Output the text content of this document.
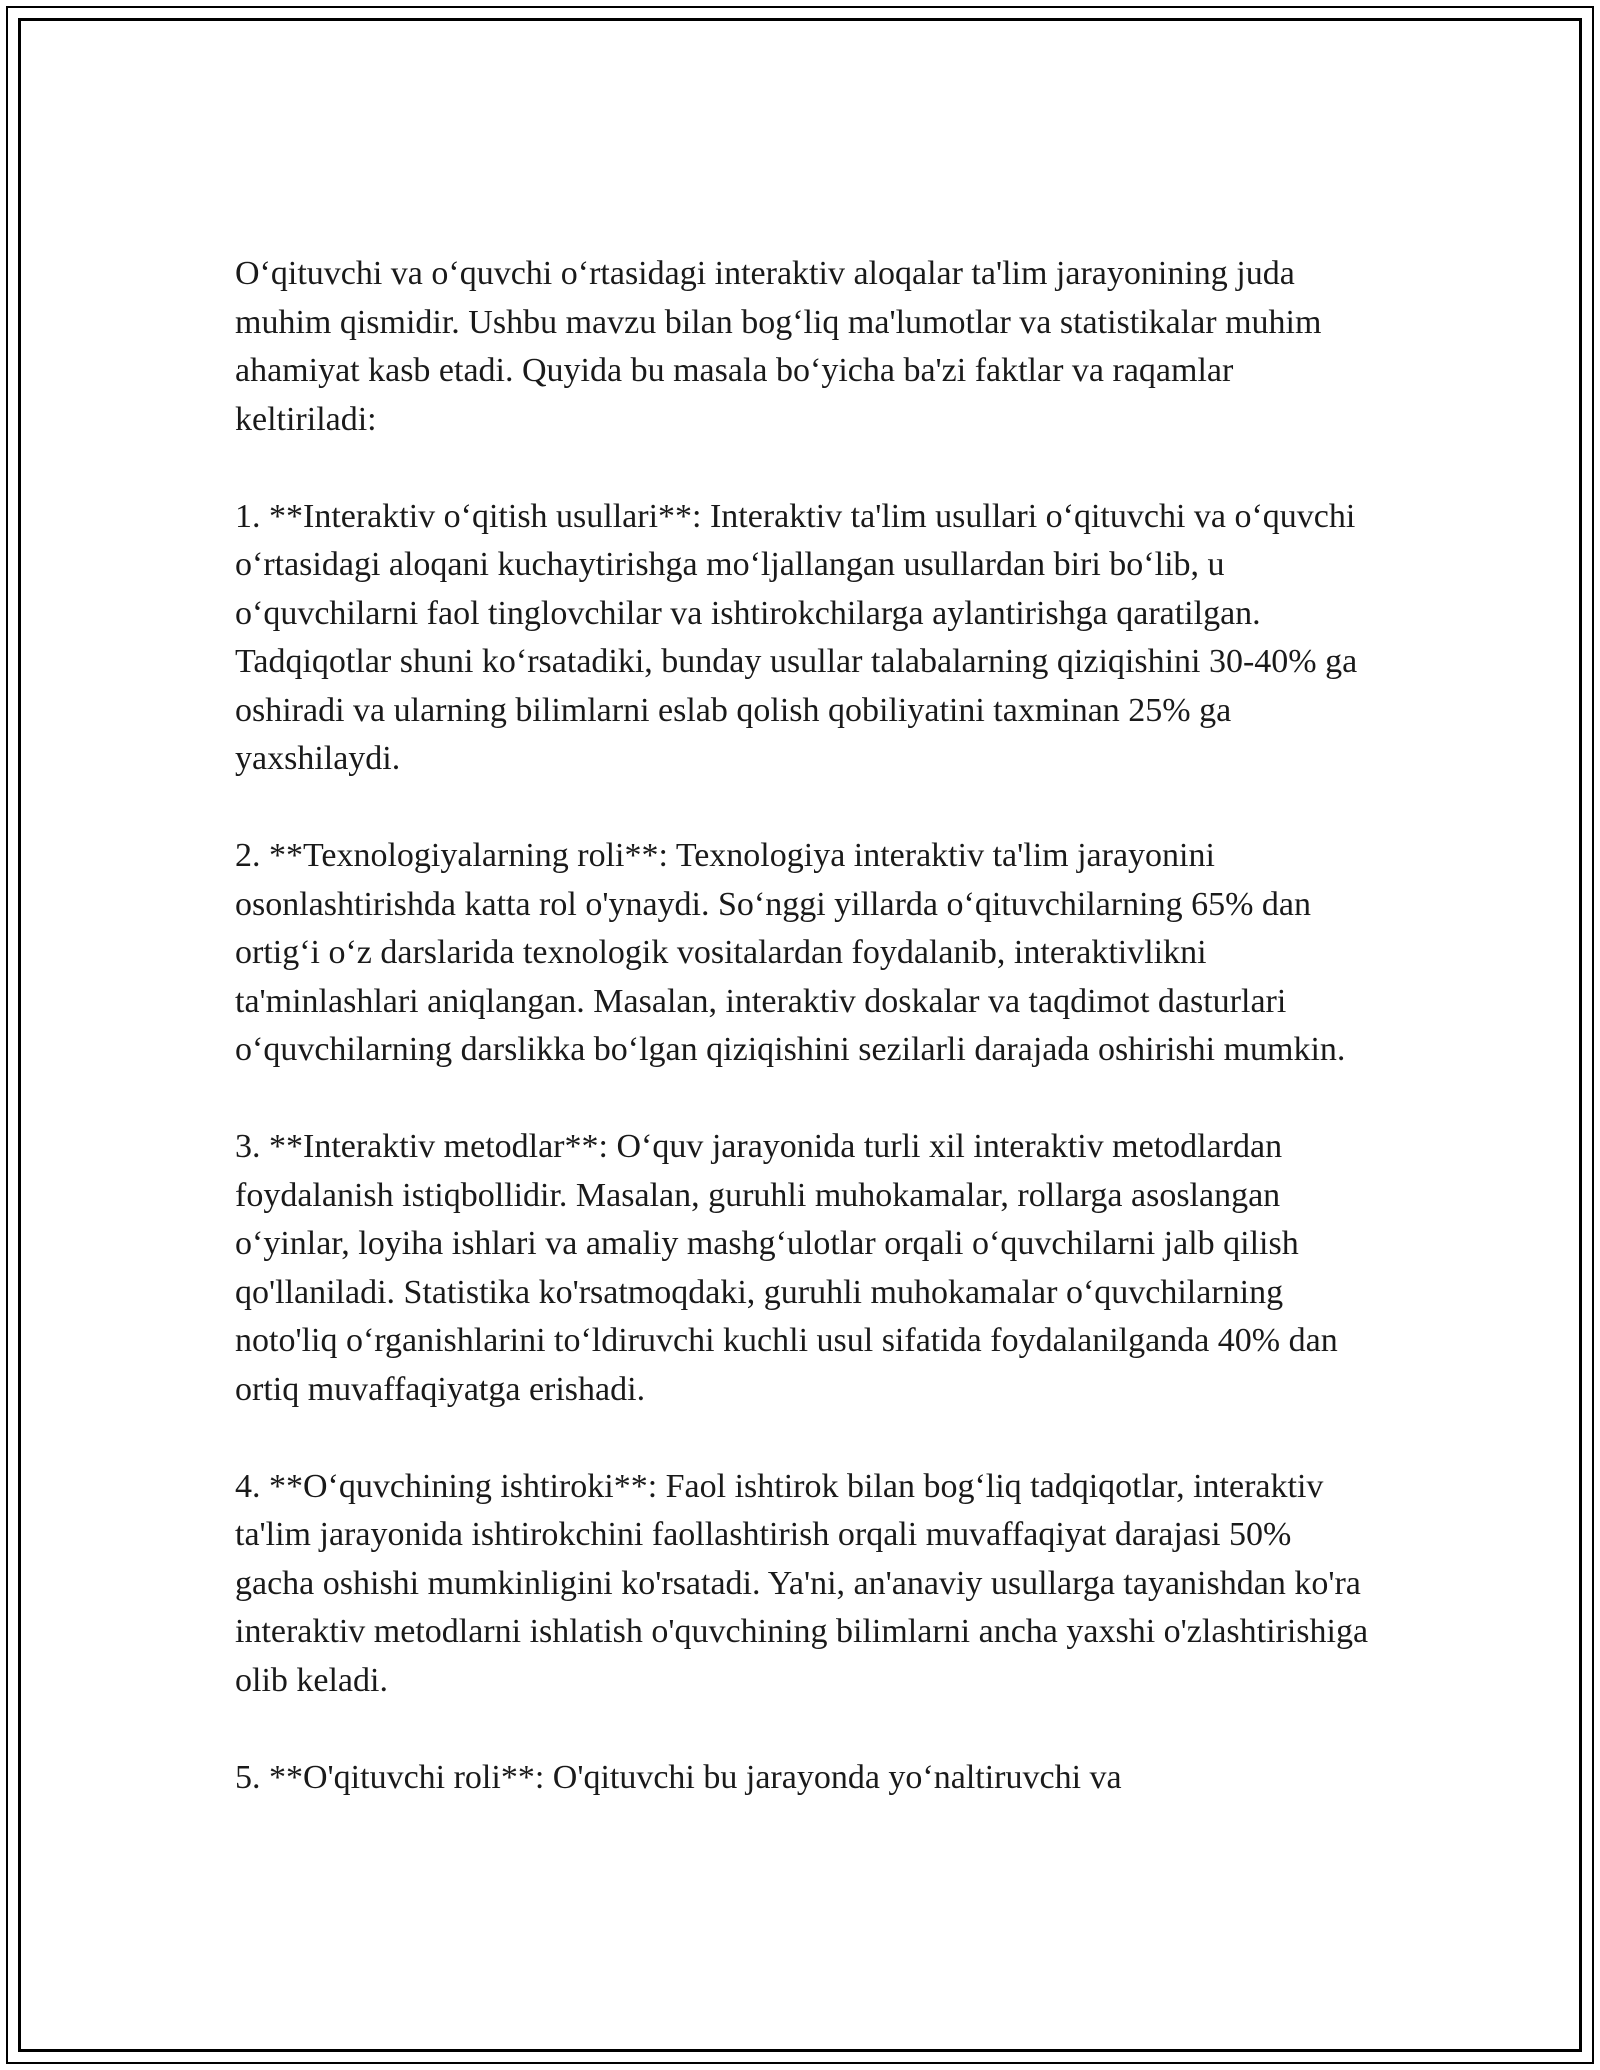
Oʻqituvchi va oʻquvchi oʻrtasidagi interaktiv aloqalar ta'lim jarayonining juda muhim qismidir. Ushbu mavzu bilan bogʻliq ma'lumotlar va statistikalar muhim ahamiyat kasb etadi. Quyida bu masala boʻyicha ba'zi faktlar va raqamlar keltiriladi:

1. **Interaktiv oʻqitish usullari**: Interaktiv ta'lim usullari oʻqituvchi va oʻquvchi oʻrtasidagi aloqani kuchaytirishga moʻljallangan usullardan biri boʻlib, u oʻquvchilarni faol tinglovchilar va ishtirokchilarga aylantirishga qaratilgan. Tadqiqotlar shuni koʻrsatadiki, bunday usullar talabalarning qiziqishini 30-40% ga oshiradi va ularning bilimlarni eslab qolish qobiliyatini taxminan 25% ga yaxshilaydi.

2. **Texnologiyalarning roli**: Texnologiya interaktiv ta'lim jarayonini osonlashtirishda katta rol o'ynaydi. Soʻnggi yillarda oʻqituvchilarning 65% dan ortigʻi oʻz darslarida texnologik vositalardan foydalanib, interaktivlikni ta'minlashlari aniqlangan. Masalan, interaktiv doskalar va taqdimot dasturlari oʻquvchilarning darslikka boʻlgan qiziqishini sezilarli darajada oshirishi mumkin.

3. **Interaktiv metodlar**: Oʻquv jarayonida turli xil interaktiv metodlardan foydalanish istiqbollidir. Masalan, guruhli muhokamalar, rollarga asoslangan oʻyinlar, loyiha ishlari va amaliy mashgʻulotlar orqali oʻquvchilarni jalb qilish qo'llaniladi. Statistika ko'rsatmoqdaki, guruhli muhokamalar oʻquvchilarning noto'liq oʻrganishlarini toʻldiruvchi kuchli usul sifatida foydalanilganda 40% dan ortiq muvaffaqiyatga erishadi.

4. **Oʻquvchining ishtiroki**: Faol ishtirok bilan bogʻliq tadqiqotlar, interaktiv ta'lim jarayonida ishtirokchini faollashtirish orqali muvaffaqiyat darajasi 50% gacha oshishi mumkinligini ko'rsatadi. Ya'ni, an'anaviy usullarga tayanishdan ko'ra interaktiv metodlarni ishlatish o'quvchining bilimlarni ancha yaxshi o'zlashtirishiga olib keladi.

5. **O'qituvchi roli**: O'qituvchi bu jarayonda yoʻnaltiruvchi va
